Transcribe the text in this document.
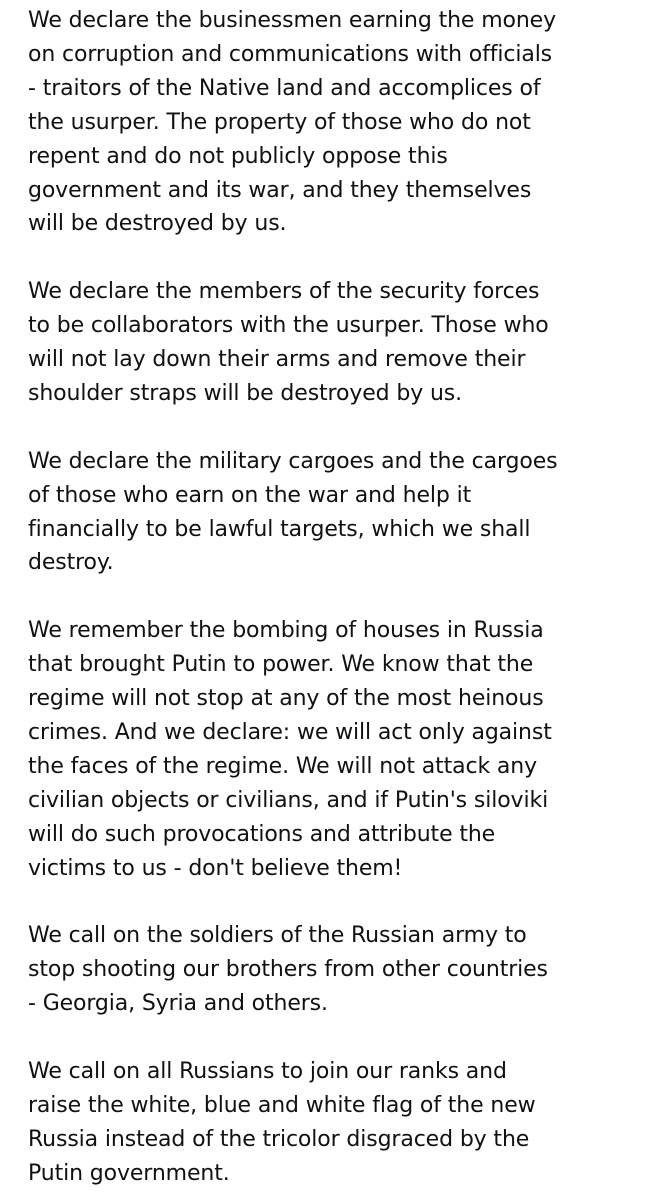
We declare the businessmen earning the money
on corruption and communications with officials
- traitors of the Native land and accomplices of
the usurper. The property of those who do not
repent and do not publicly oppose this
government and its war, and they themselves
will be destroyed by us.

We declare the members of the security forces
to be collaborators with the usurper. Those who
will not lay down their arms and remove their
shoulder straps will be destroyed by us.

We declare the military cargoes and the cargoes
of those who earn on the war and help it
financially to be lawful targets, which we shall
destroy.

We remember the bombing of houses in Russia
that brought Putin to power. We know that the
regime will not stop at any of the most heinous
crimes. And we declare: we will act only against
the faces of the regime. We will not attack any
civilian objects or civilians, and if Putin's siloviki
will do such provocations and attribute the
victims to us - don't believe them!

We call on the soldiers of the Russian army to
stop shooting our brothers from other countries
- Georgia, Syria and others.

We call on all Russians to join our ranks and
raise the white, blue and white flag of the new
Russia instead of the tricolor disgraced by the
Putin government.
